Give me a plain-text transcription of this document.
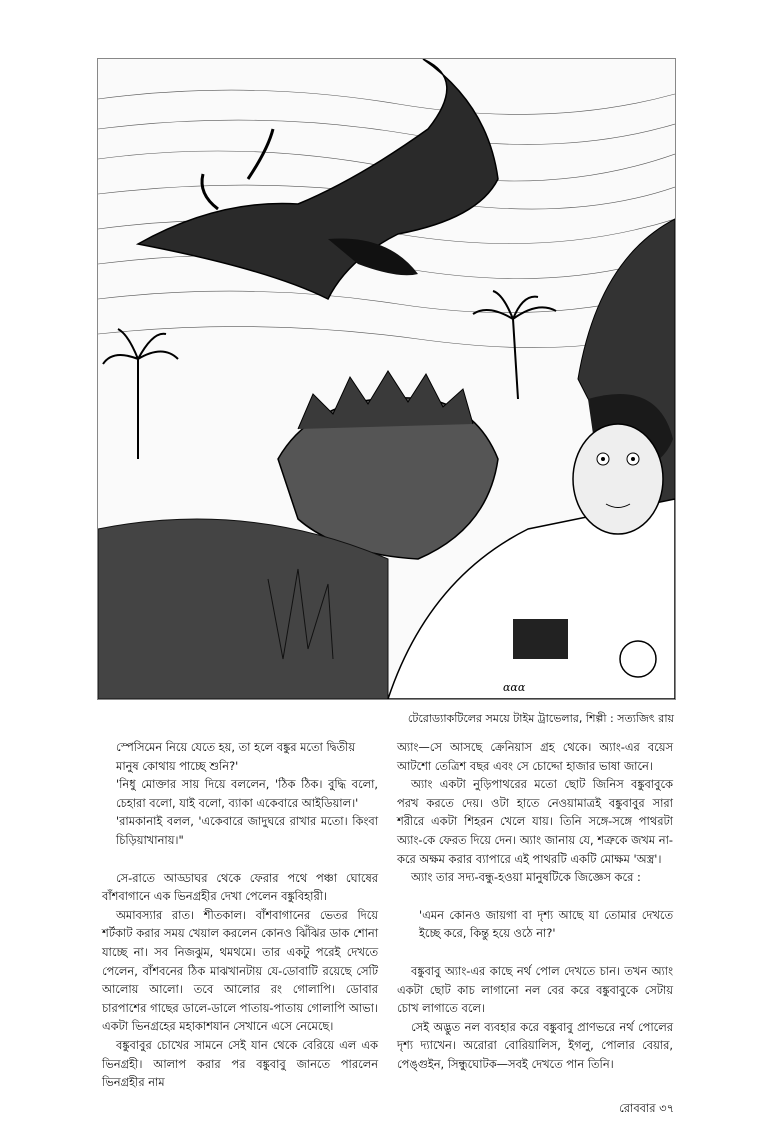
ɑɑɑ
টেরোড্যাকটিলের সময়ে টাইম ট্রাভেলার, শিল্পী : সত্যজিৎ রায়

স্পেসিমেন নিয়ে যেতে হয়, তা হলে বঙ্কুর মতো দ্বিতীয়

মানুষ কোথায় পাচ্ছে শুনি?'

'নিধু মোক্তার সায় দিয়ে বললেন, 'ঠিক ঠিক। বুদ্ধি বলো, চেহারা বলো, যাই বলো, ব্যাকা একেবারে আইডিয়াল।'

'রামকানাই বলল, 'একেবারে জাদুঘরে রাখার মতো। কিংবা চিড়িয়াখানায়।"

সে-রাতে আড্ডাঘর থেকে ফেরার পথে পঞ্চা ঘোষের বাঁশবাগানে এক ভিনগ্রহীর দেখা পেলেন বঙ্কুবিহারী।

অমাবস্যার রাত। শীতকাল। বাঁশবাগানের ভেতর দিয়ে শর্টকাট করার সময় খেয়াল করলেন কোনও ঝিঁঝির ডাক শোনা যাচ্ছে না। সব নিজঝুম, থমথমে। তার একটু পরেই দেখতে পেলেন, বাঁশবনের ঠিক মাঝখানটায় যে-ডোবাটি রয়েছে সেটি আলোয় আলো। তবে আলোর রং গোলাপি। ডোবার চারপাশের গাছের ডালে-ডালে পাতায়-পাতায় গোলাপি আভা। একটা ভিনগ্রহের মহাকাশযান সেখানে এসে নেমেছে।

বঙ্কুবাবুর চোখের সামনে সেই যান থেকে বেরিয়ে এল এক ভিনগ্রহী। আলাপ করার পর বঙ্কুবাবু জানতে পারলেন ভিনগ্রহীর নাম

অ্যাং—সে আসছে ক্রেনিয়াস গ্রহ থেকে। অ্যাং-এর বয়েস আটশো তেত্রিশ বছর এবং সে চোদ্দো হাজার ভাষা জানে।

অ্যাং একটা নুড়িপাথরের মতো ছোট জিনিস বঙ্কুবাবুকে পরখ করতে দেয়। ওটা হাতে নেওয়ামাত্রই বঙ্কুবাবুর সারা শরীরে একটা শিহরন খেলে যায়। তিনি সঙ্গে-সঙ্গে পাথরটা অ্যাং-কে ফেরত দিয়ে দেন। অ্যাং জানায় যে, শত্রুকে জখম না-করে অক্ষম করার ব্যাপারে এই পাথরটি একটি মোক্ষম 'অস্ত্র'।

অ্যাং তার সদ্য-বন্ধু-হওয়া মানুষটিকে জিজ্ঞেস করে :

'এমন কোনও জায়গা বা দৃশ্য আছে যা তোমার দেখতে ইচ্ছে করে, কিন্তু হয়ে ওঠে না?'

বঙ্কুবাবু অ্যাং-এর কাছে নর্থ পোল দেখতে চান। তখন অ্যাং একটা ছোট কাচ লাগানো নল বের করে বঙ্কুবাবুকে সেটায় চোখ লাগাতে বলে।

সেই অদ্ভুত নল ব্যবহার করে বঙ্কুবাবু প্রাণভরে নর্থ পোলের দৃশ্য দ্যাখেন। অরোরা বোরিয়ালিস, ইগলু, পোলার বেয়ার, পেঙ্গুইন, সিন্ধুঘোটক—সবই দেখতে পান তিনি।

রোববার ৩৭
